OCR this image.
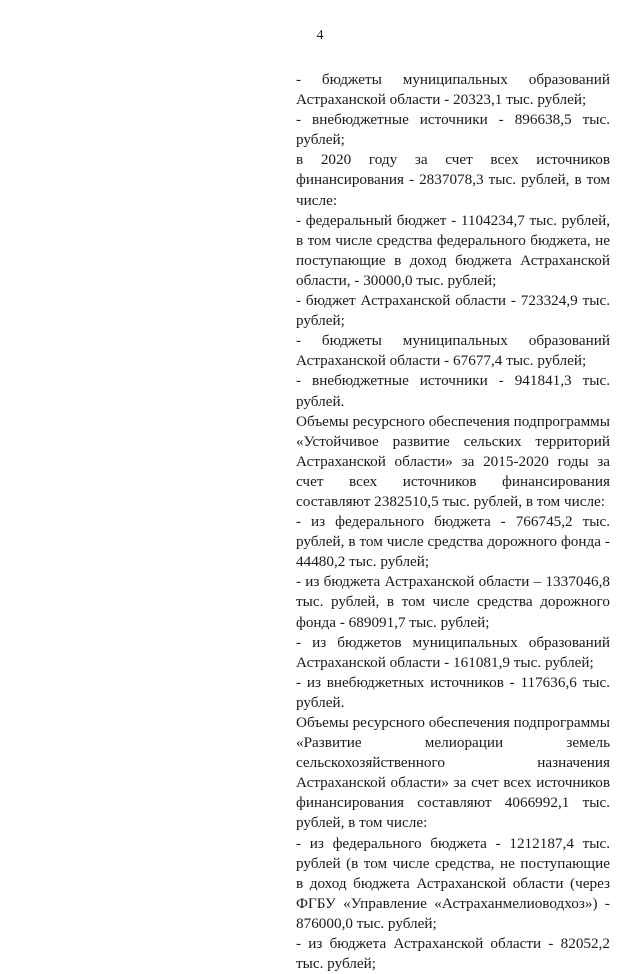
4

- бюджеты муниципальных образований Астраханской области - 20323,1 тыс. рублей;

- внебюджетные источники - 896638,5 тыс. рублей;

в 2020 году за счет всех источников финансирования - 2837078,3 тыс. рублей, в том числе:

- федеральный бюджет - 1104234,7 тыс. рублей, в том числе средства федерального бюджета, не поступающие в доход бюджета Астраханской области, - 30000,0 тыс. рублей;

- бюджет Астраханской области - 723324,9 тыс. рублей;

- бюджеты муниципальных образований Астраханской области - 67677,4 тыс. рублей;

- внебюджетные источники - 941841,3 тыс. рублей.

Объемы ресурсного обеспечения подпрограммы «Устойчивое развитие сельских территорий Астраханской области» за 2015-2020 годы за счет всех источников финансирования составляют 2382510,5 тыс. рублей, в том числе:

- из федерального бюджета - 766745,2 тыс. рублей, в том числе средства дорожного фонда - 44480,2 тыс. рублей;

- из бюджета Астраханской области – 1337046,8 тыс. рублей, в том числе средства дорожного фонда - 689091,7 тыс. рублей;

- из бюджетов муниципальных образований Астраханской области - 161081,9 тыс. рублей;

- из внебюджетных источников - 117636,6 тыс. рублей.

Объемы ресурсного обеспечения подпрограммы «Развитие мелиорации земель сельскохозяйственного назначения Астраханской области» за счет всех источников финансирования составляют 4066992,1 тыс. рублей, в том числе:

- из федерального бюджета - 1212187,4 тыс. рублей (в том числе средства, не поступающие в доход бюджета Астраханской области (через ФГБУ «Управление «Астраханмелиоводхоз») - 876000,0 тыс. рублей;

- из бюджета Астраханской области - 82052,2 тыс. рублей;
